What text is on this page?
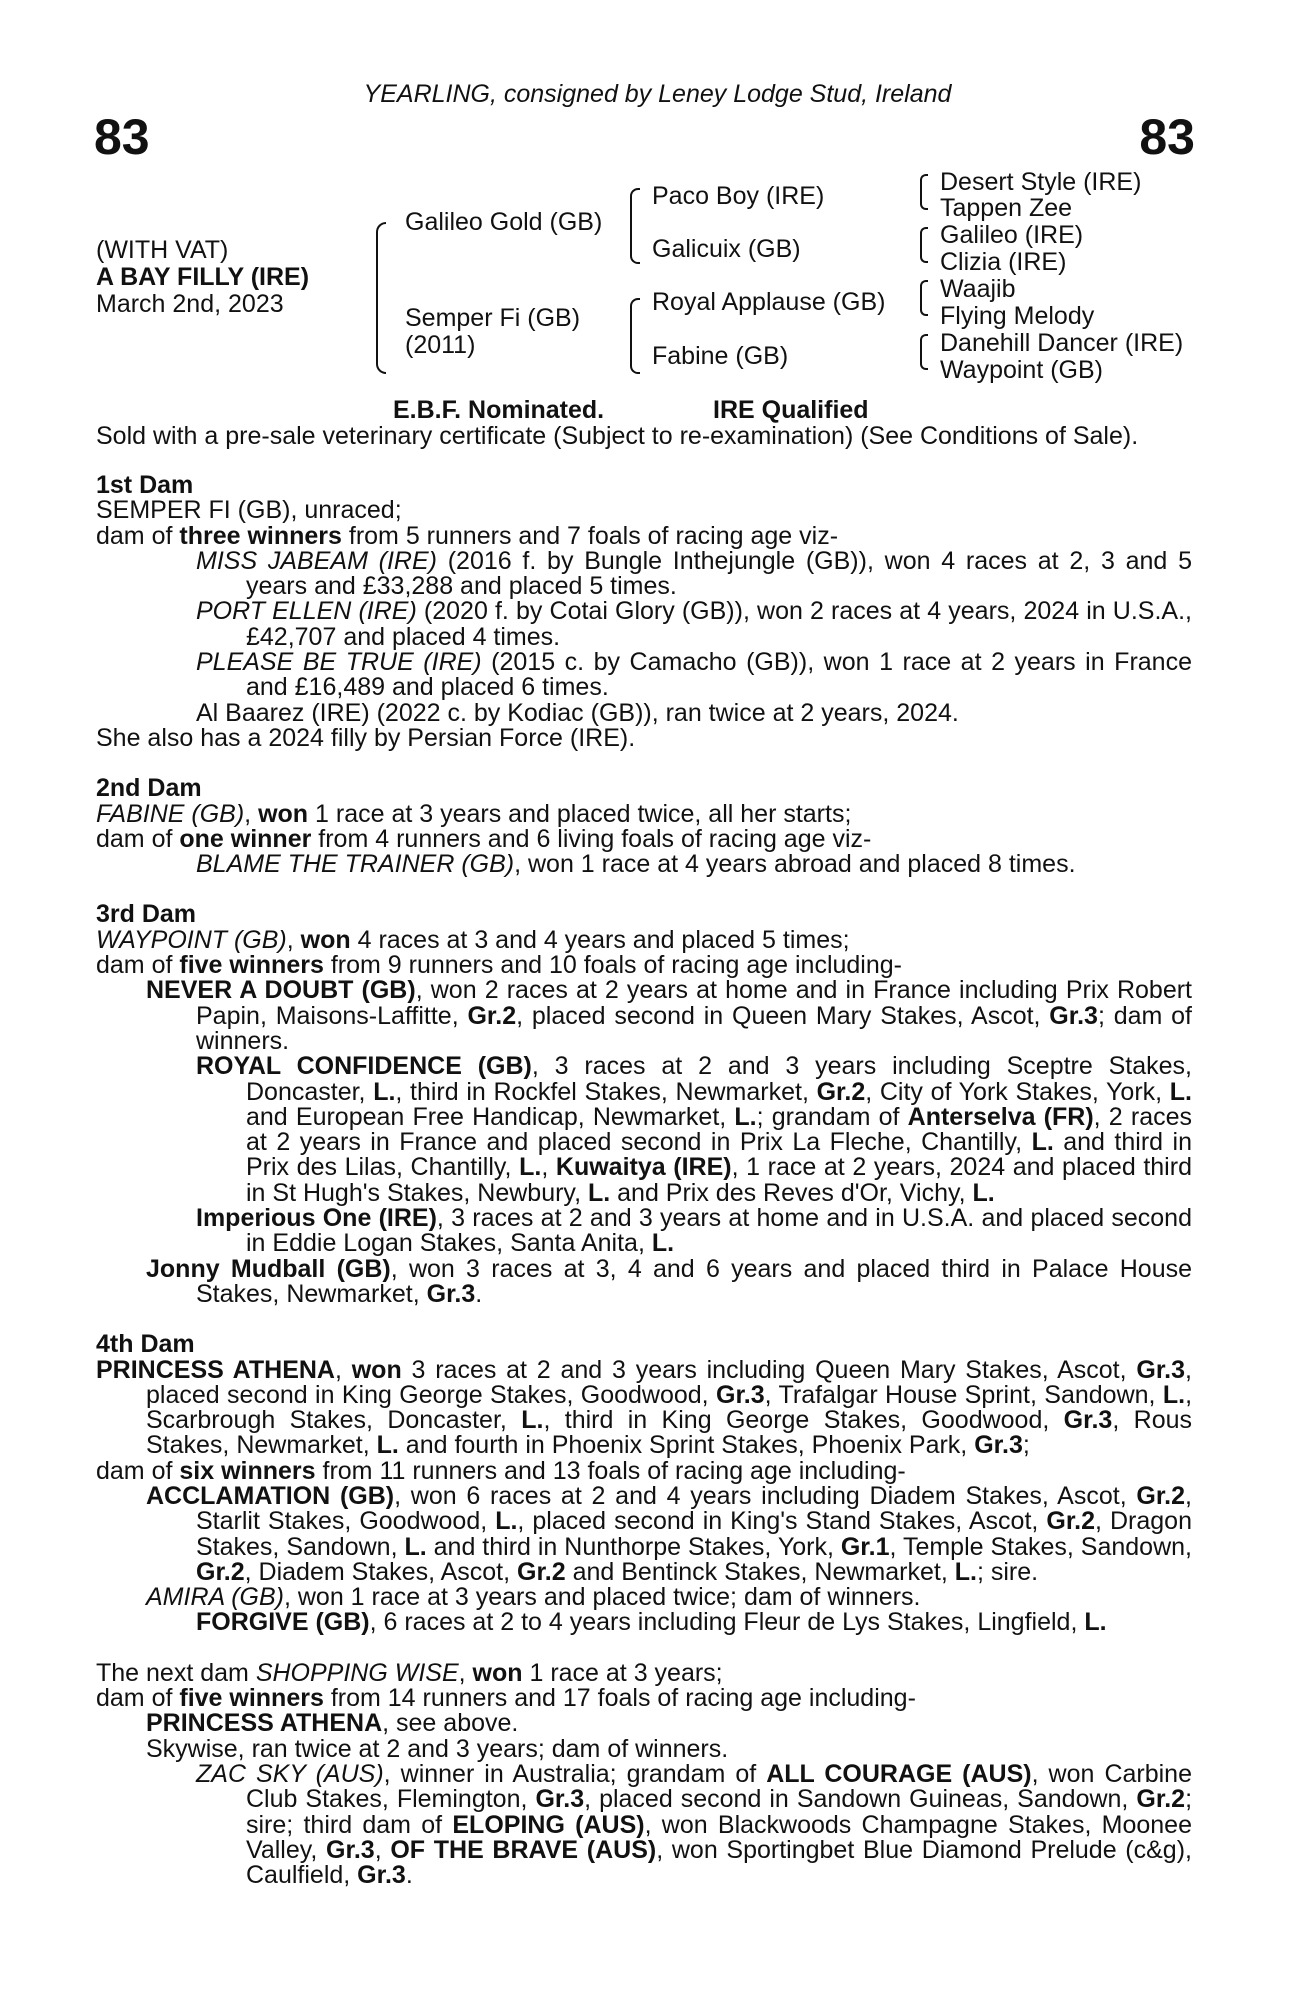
YEARLING, consigned by Leney Lodge Stud, Ireland
83	83
(WITH VAT)
A BAY FILLY (IRE)
March 2nd, 2023
Galileo Gold (GB)
Semper Fi (GB)
(2011)
Paco Boy (IRE)
Galicuix (GB)
Royal Applause (GB)
Fabine (GB)
Desert Style (IRE)
Tappen Zee
Galileo (IRE)
Clizia (IRE)
Waajib
Flying Melody
Danehill Dancer (IRE)
Waypoint (GB)
E.B.F. Nominated.	IRE Qualified
Sold with a pre-sale veterinary certificate (Subject to re-examination) (See Conditions of Sale).
1st Dam
SEMPER FI (GB), unraced;
dam of three winners from 5 runners and 7 foals of racing age viz-
MISS JABEAM (IRE) (2016 f. by Bungle Inthejungle (GB)), won 4 races at 2, 3 and 5 years and £33,288 and placed 5 times.
PORT ELLEN (IRE) (2020 f. by Cotai Glory (GB)), won 2 races at 4 years, 2024 in U.S.A., £42,707 and placed 4 times.
PLEASE BE TRUE (IRE) (2015 c. by Camacho (GB)), won 1 race at 2 years in France and £16,489 and placed 6 times.
Al Baarez (IRE) (2022 c. by Kodiac (GB)), ran twice at 2 years, 2024.
She also has a 2024 filly by Persian Force (IRE).
2nd Dam
FABINE (GB), won 1 race at 3 years and placed twice, all her starts;
dam of one winner from 4 runners and 6 living foals of racing age viz-
BLAME THE TRAINER (GB), won 1 race at 4 years abroad and placed 8 times.
3rd Dam
WAYPOINT (GB), won 4 races at 3 and 4 years and placed 5 times;
dam of five winners from 9 runners and 10 foals of racing age including-
NEVER A DOUBT (GB), won 2 races at 2 years at home and in France including Prix Robert Papin, Maisons-Laffitte, Gr.2, placed second in Queen Mary Stakes, Ascot, Gr.3; dam of winners.
ROYAL CONFIDENCE (GB), 3 races at 2 and 3 years including Sceptre Stakes, Doncaster, L., third in Rockfel Stakes, Newmarket, Gr.2, City of York Stakes, York, L. and European Free Handicap, Newmarket, L.; grandam of Anterselva (FR), 2 races at 2 years in France and placed second in Prix La Fleche, Chantilly, L. and third in Prix des Lilas, Chantilly, L., Kuwaitya (IRE), 1 race at 2 years, 2024 and placed third in St Hugh's Stakes, Newbury, L. and Prix des Reves d'Or, Vichy, L.
Imperious One (IRE), 3 races at 2 and 3 years at home and in U.S.A. and placed second in Eddie Logan Stakes, Santa Anita, L.
Jonny Mudball (GB), won 3 races at 3, 4 and 6 years and placed third in Palace House Stakes, Newmarket, Gr.3.
4th Dam
PRINCESS ATHENA, won 3 races at 2 and 3 years including Queen Mary Stakes, Ascot, Gr.3, placed second in King George Stakes, Goodwood, Gr.3, Trafalgar House Sprint, Sandown, L., Scarbrough Stakes, Doncaster, L., third in King George Stakes, Goodwood, Gr.3, Rous Stakes, Newmarket, L. and fourth in Phoenix Sprint Stakes, Phoenix Park, Gr.3;
dam of six winners from 11 runners and 13 foals of racing age including-
ACCLAMATION (GB), won 6 races at 2 and 4 years including Diadem Stakes, Ascot, Gr.2, Starlit Stakes, Goodwood, L., placed second in King's Stand Stakes, Ascot, Gr.2, Dragon Stakes, Sandown, L. and third in Nunthorpe Stakes, York, Gr.1, Temple Stakes, Sandown, Gr.2, Diadem Stakes, Ascot, Gr.2 and Bentinck Stakes, Newmarket, L.; sire.
AMIRA (GB), won 1 race at 3 years and placed twice; dam of winners.
FORGIVE (GB), 6 races at 2 to 4 years including Fleur de Lys Stakes, Lingfield, L.
The next dam SHOPPING WISE, won 1 race at 3 years;
dam of five winners from 14 runners and 17 foals of racing age including-
PRINCESS ATHENA, see above.
Skywise, ran twice at 2 and 3 years; dam of winners.
ZAC SKY (AUS), winner in Australia; grandam of ALL COURAGE (AUS), won Carbine Club Stakes, Flemington, Gr.3, placed second in Sandown Guineas, Sandown, Gr.2; sire; third dam of ELOPING (AUS), won Blackwoods Champagne Stakes, Moonee Valley, Gr.3, OF THE BRAVE (AUS), won Sportingbet Blue Diamond Prelude (c&g), Caulfield, Gr.3.
